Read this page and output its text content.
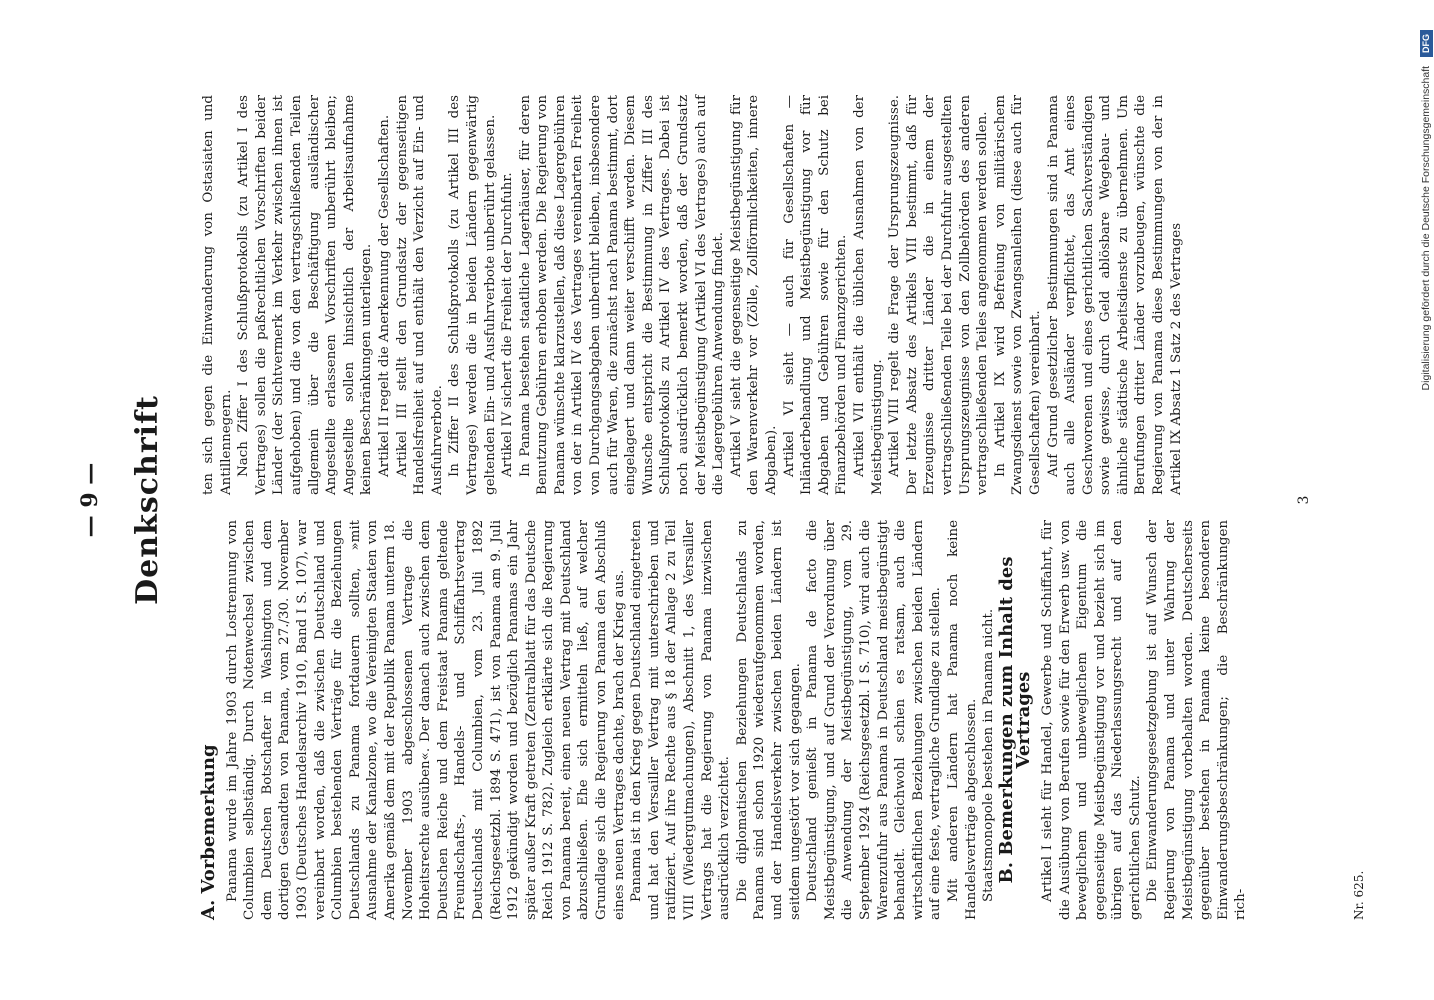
— 9 — Denkschrift
A. Vorbemerkung Panama wurde im Jahre 1903 durch Lostrennung von Columbien selbständig. Durch Notenwechsel zwischen dem Deutschen Botschafter in Washington und dem dortigen Gesandten von Panama, vom 27./30. November 1903 (Deutsches Handelsarchiv 1910, Band I S. 107), war vereinbart worden, daß die zwischen Deutschland und Columbien bestehenden Verträge für die Beziehungen Deutschlands zu Panama fortdauern sollten, »mit Ausnahme der Kanalzone, wo die Vereinigten Staaten von Amerika gemäß dem mit der Republik Panama unterm 18. November 1903 abgeschlossenen Vertrage die Hoheitsrechte ausüben«. Der danach auch zwischen dem Deutschen Reiche und dem Freistaat Panama geltende Freundschafts-, Handels- und Schiffahrtsvertrag Deutschlands mit Columbien, vom 23. Juli 1892 (Reichsgesetzbl. 1894 S. 471), ist von Panama am 9. Juli 1912 gekündigt worden und bezüglich Panamas ein Jahr später außer Kraft getreten (Zentralblatt für das Deutsche Reich 1912 S. 782). Zugleich erklärte sich die Regierung von Panama bereit, einen neuen Vertrag mit Deutschland abzuschließen. Ehe sich ermitteln ließ, auf welcher Grundlage sich die Regierung von Panama den Abschluß eines neuen Vertrages dachte, brach der Krieg aus. Panama ist in den Krieg gegen Deutschland eingetreten und hat den Versailler Vertrag mit unterschrieben und ratifiziert. Auf ihre Rechte aus § 18 der Anlage 2 zu Teil VIII (Wiedergutmachungen), Abschnitt 1, des Versailler Vertrags hat die Regierung von Panama inzwischen ausdrücklich verzichtet. Die diplomatischen Beziehungen Deutschlands zu Panama sind schon 1920 wiederaufgenommen worden, und der Handelsverkehr zwischen beiden Ländern ist seitdem ungestört vor sich gegangen. Deutschland genießt in Panama de facto die Meistbegünstigung, und auf Grund der Verordnung über die Anwendung der Meistbegünstigung, vom 29. September 1924 (Reichsgesetzbl. I S. 710), wird auch die Warenzufuhr aus Panama in Deutschland meistbegünstigt behandelt. Gleichwohl schien es ratsam, auch die wirtschaftlichen Beziehungen zwischen beiden Ländern auf eine feste, vertragliche Grundlage zu stellen. Mit anderen Ländern hat Panama noch keine Handelsverträge abgeschlossen. Staatsmonopole bestehen in Panama nicht. B. Bemerkungen zum Inhalt des Vertrages Artikel I sieht für Handel, Gewerbe und Schiffahrt, für die Ausübung von Berufen sowie für den Erwerb usw. von beweglichem und unbeweglichem Eigentum die gegenseitige Meistbegünstigung vor und bezieht sich im übrigen auf das Niederlassungsrecht und auf den gerichtlichen Schutz. Die Einwanderungsgesetzgebung ist auf Wunsch der Regierung von Panama und unter Wahrung der Meistbegünstigung vorbehalten worden. Deutscherseits gegenüber bestehen in Panama keine besonderen Einwanderungsbeschränkungen; die Beschränkungen rich-

ten sich gegen die Einwanderung von Ostasiaten und Antillennegern. Nach Ziffer I des Schlußprotokolls (zu Artikel I des Vertrages) sollen die paßrechtlichen Vorschriften beider Länder (der Sichtvermerk im Verkehr zwischen ihnen ist aufgehoben) und die von den vertragschließenden Teilen allgemein über die Beschäftigung ausländischer Angestellte erlassenen Vorschriften unberührt bleiben; Angestellte sollen hinsichtlich der Arbeitsaufnahme keinen Beschränkungen unterliegen. Artikel II regelt die Anerkennung der Gesellschaften. Artikel III stellt den Grundsatz der gegenseitigen Handelsfreiheit auf und enthält den Verzicht auf Ein- und Ausfuhrverbote. In Ziffer II des Schlußprotokolls (zu Artikel III des Vertrages) werden die in beiden Ländern gegenwärtig geltenden Ein- und Ausfuhrverbote unberührt gelassen. Artikel IV sichert die Freiheit der Durchfuhr. In Panama bestehen staatliche Lagerhäuser, für deren Benutzung Gebühren erhoben werden. Die Regierung von Panama wünschte klarzustellen, daß diese Lagergebühren von der in Artikel IV des Vertrages vereinbarten Freiheit von Durchgangsabgaben unberührt bleiben, insbesondere auch für Waren, die zunächst nach Panama bestimmt, dort eingelagert und dann weiter verschifft werden. Diesem Wunsche entspricht die Bestimmung in Ziffer III des Schlußprotokolls zu Artikel IV des Vertrages. Dabei ist noch ausdrücklich bemerkt worden, daß der Grundsatz der Meistbegünstigung (Artikel VI des Vertrages) auch auf die Lagergebühren Anwendung findet. Artikel V sieht die gegenseitige Meistbegünstigung für den Warenverkehr vor (Zölle, Zollförmlichkeiten, innere Abgaben). Artikel VI sieht — auch für Gesellschaften — Inländerbehandlung und Meistbegünstigung vor für Abgaben und Gebühren sowie für den Schutz bei Finanzbehörden und Finanzgerichten. Artikel VII enthält die üblichen Ausnahmen von der Meistbegünstigung. Artikel VIII regelt die Frage der Ursprungszeugnisse. Der letzte Absatz des Artikels VIII bestimmt, daß für Erzeugnisse dritter Länder die in einem der vertragschließenden Teile bei der Durchfuhr ausgestellten Ursprungszeugnisse von den Zollbehörden des anderen vertragschließenden Teiles angenommen werden sollen. In Artikel IX wird Befreiung von militärischem Zwangsdienst sowie von Zwangsanleihen (diese auch für Gesellschaften) vereinbart. Auf Grund gesetzlicher Bestimmungen sind in Panama auch alle Ausländer verpflichtet, das Amt eines Geschworenen und eines gerichtlichen Sachverständigen sowie gewisse, durch Geld ablösbare Wegebau- und ähnliche städtische Arbeitsdienste zu übernehmen. Um Berufungen dritter Länder vorzubeugen, wünschte die Regierung von Panama diese Bestimmungen von der in Artikel IX Absatz 1 Satz 2 des Vertrages

3
Nr. 625.
Digitalisierung gefördert durch die Deutsche Forschungsgemeinschaft DFG
